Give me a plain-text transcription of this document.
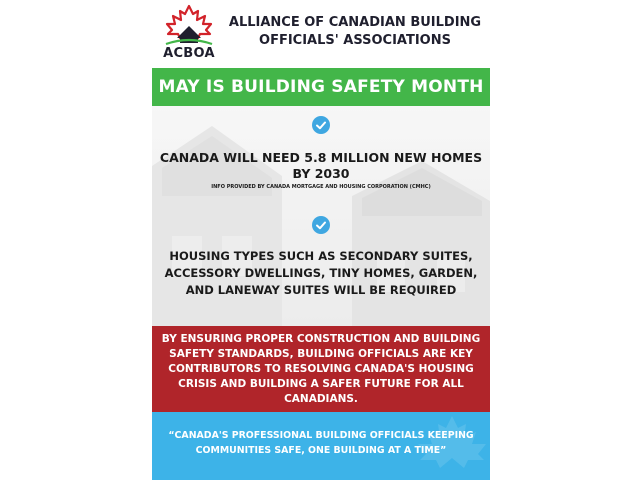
ACBOA
ALLIANCE OF CANADIAN BUILDING OFFICIALS' ASSOCIATIONS
MAY IS BUILDING SAFETY MONTH
CANADA WILL NEED 5.8 MILLION NEW HOMES BY 2030
INFO PROVIDED BY CANADA MORTGAGE AND HOUSING CORPORATION (CMHC)
HOUSING TYPES SUCH AS SECONDARY SUITES, ACCESSORY DWELLINGS, TINY HOMES, GARDEN, AND LANEWAY SUITES WILL BE REQUIRED
BY ENSURING PROPER CONSTRUCTION AND BUILDING SAFETY STANDARDS, BUILDING OFFICIALS ARE KEY CONTRIBUTORS TO RESOLVING CANADA'S HOUSING CRISIS AND BUILDING A SAFER FUTURE FOR ALL CANADIANS.
“CANADA'S PROFESSIONAL BUILDING OFFICIALS KEEPING COMMUNITIES SAFE, ONE BUILDING AT A TIME”
